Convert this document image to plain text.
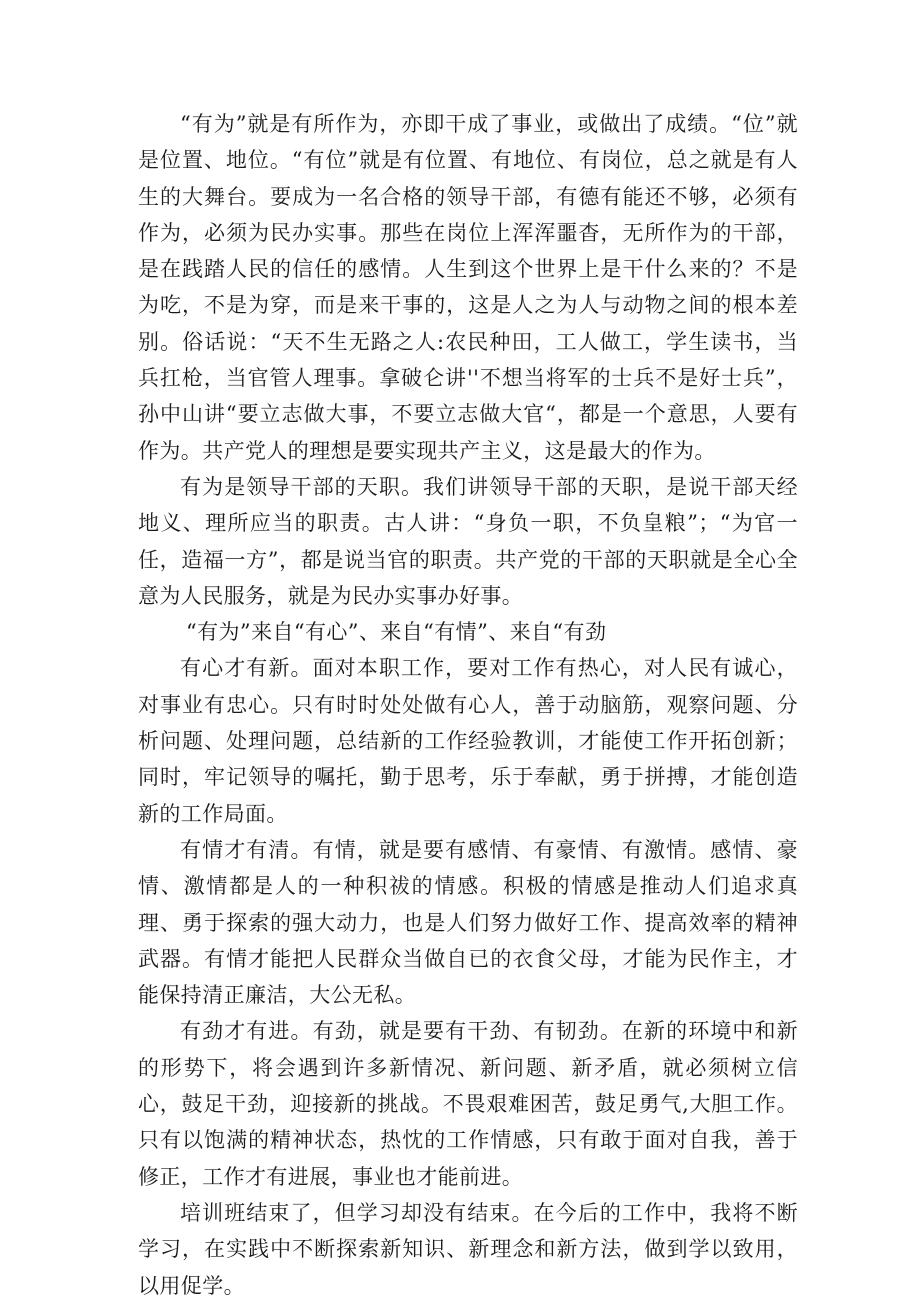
“有为”就是有所作为，亦即干成了事业，或做出了成绩。“位”就是位置、地位。“有位”就是有位置、有地位、有岗位，总之就是有人生的大舞台。要成为一名合格的领导干部，有德有能还不够，必须有作为，必须为民办实事。那些在岗位上浑浑噩杳，无所作为的干部，是在践踏人民的信任的感情。人生到这个世界上是干什么来的？不是为吃，不是为穿，而是来干事的，这是人之为人与动物之间的根本差别。俗话说：“天不生无路之人:农民种田，工人做工，学生读书，当兵扛枪，当官管人理事。拿破仑讲''不想当将军的士兵不是好士兵”，孙中山讲“要立志做大事，不要立志做大官“，都是一个意思，人要有作为。共产党人的理想是要实现共产主义，这是最大的作为。

有为是领导干部的天职。我们讲领导干部的天职，是说干部天经地义、理所应当的职责。古人讲：“身负一职，不负皇粮”；“为官一任，造福一方”，都是说当官的职责。共产党的干部的天职就是全心全意为人民服务，就是为民办实事办好事。

“有为”来自“有心”、来自“有情”、来自“有劲

有心才有新。面对本职工作，要对工作有热心，对人民有诚心，对事业有忠心。只有时时处处做有心人，善于动脑筋，观察问题、分析问题、处理问题，总结新的工作经验教训，才能使工作开拓创新；同时，牢记领导的嘱托，勤于思考，乐于奉献，勇于拼搏，才能创造新的工作局面。

有情才有清。有情，就是要有感情、有豪情、有激情。感情、豪情、激情都是人的一种积祓的情感。积极的情感是推动人们追求真理、勇于探索的强大动力，也是人们努力做好工作、提高效率的精神武器。有情才能把人民群众当做自已的衣食父母，才能为民作主，才能保持清正廉洁，大公无私。

有劲才有进。有劲，就是要有干劲、有韧劲。在新的环境中和新的形势下，将会遇到许多新情况、新问题、新矛盾，就必须树立信心，鼓足干劲，迎接新的挑战。不畏艰难困苦，鼓足勇气,大胆工作。只有以饱满的精神状态，热忱的工作情感，只有敢于面对自我，善于修正，工作才有进展，事业也才能前进。

培训班结束了，但学习却没有结束。在今后的工作中，我将不断学习，在实践中不断探索新知识、新理念和新方法，做到学以致用，以用促学。
